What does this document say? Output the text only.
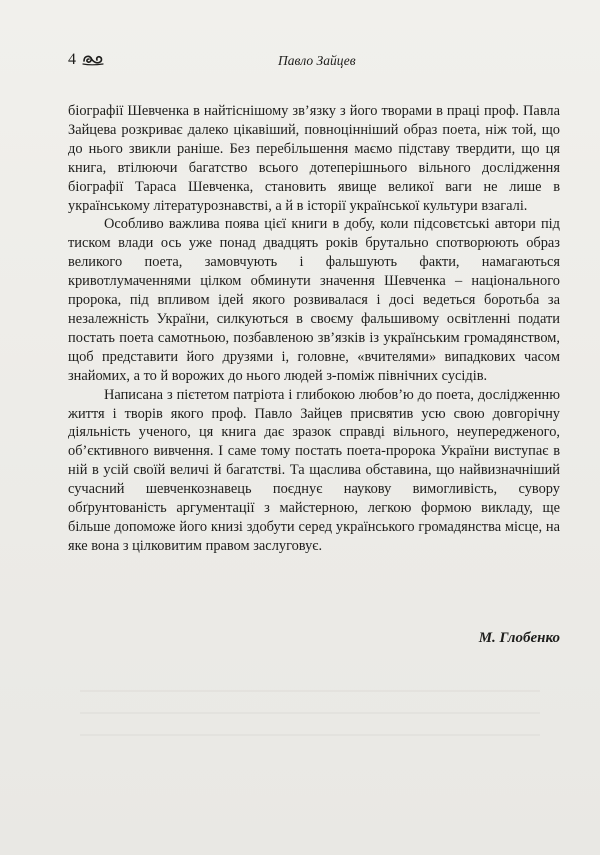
4	Павло Зайцев

біографії Шевченка в найтіснішому зв’язку з його творами в праці проф. Павла Зайцева розкриває далеко цікавіший, повноцінніший образ поета, ніж той, що до нього звикли раніше. Без перебільшення маємо підставу твердити, що ця книга, втілюючи багатство всього дотеперішнього вільного дослідження біографії Тараса Шевченка, становить явище великої ваги не лише в українському літературознавстві, а й в історії української культури взагалі.

Особливо важлива поява цієї книги в добу, коли підсовєтські автори під тиском влади ось уже понад двадцять років брутально спотворюють образ великого поета, замовчують і фальшують факти, намагаються кривотлумаченнями цілком обминути значення Шевченка – національного пророка, під впливом ідей якого розвивалася і досі ведеться боротьба за незалежність України, силкуються в своєму фальшивому освітленні подати постать поета самотньою, позбавленою зв’язків із українським громадянством, щоб представити його друзями і, головне, «вчителями» випадкових часом знайомих, а то й ворожих до нього людей з-поміж північних сусідів.

Написана з пієтетом патріота і глибокою любов’ю до поета, дослідженню життя і творів якого проф. Павло Зайцев присвятив усю свою довгорічну діяльність ученого, ця книга дає зразок справді вільного, неупередженого, об’єктивного вивчення. І саме тому постать поета-пророка України виступає в ній в усій своїй величі й багатстві. Та щаслива обставина, що найвизначніший сучасний шевченкознавець поєднує наукову вимогливість, сувору обґрунтованість аргументації з майстерною, легкою формою викладу, ще більше допоможе його книзі здобути серед українського громадянства місце, на яке вона з цілковитим правом заслуговує.

М. Глобенко
